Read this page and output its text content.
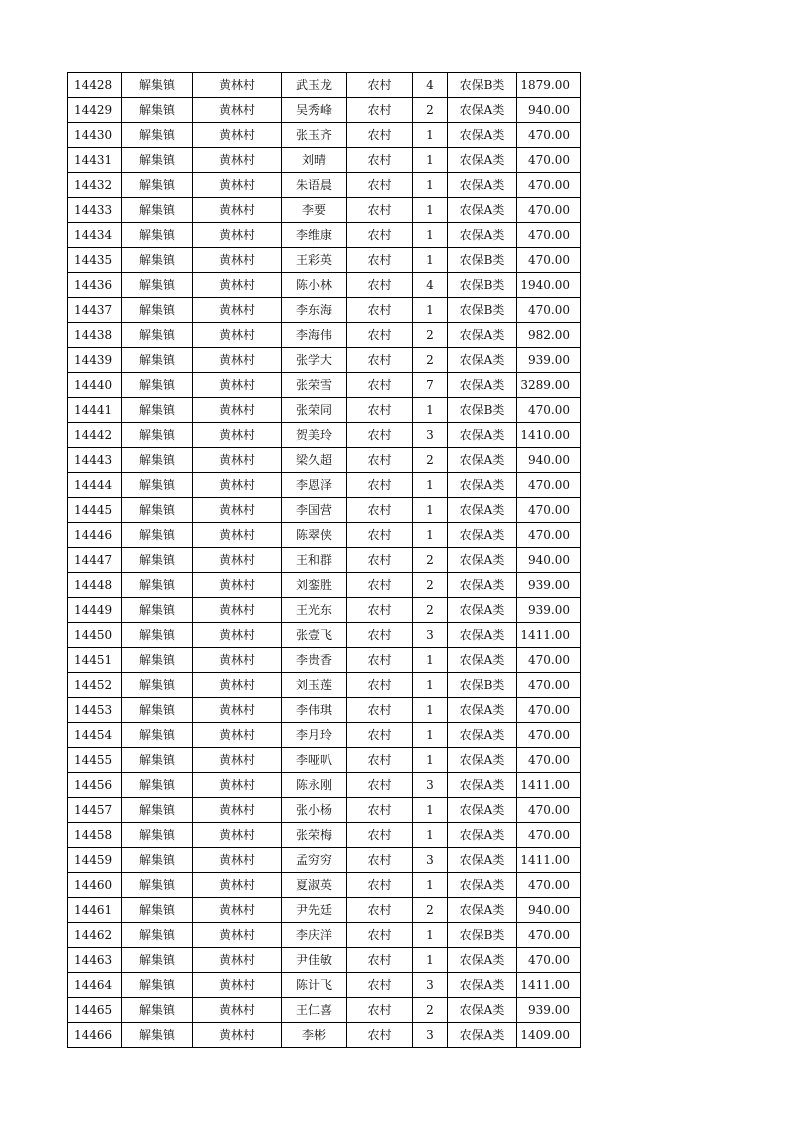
14428	解集镇	黄林村	武玉龙	农村	4	农保B类	1879.00
14429	解集镇	黄林村	吴秀峰	农村	2	农保A类	940.00
14430	解集镇	黄林村	张玉齐	农村	1	农保A类	470.00
14431	解集镇	黄林村	刘晴	农村	1	农保A类	470.00
14432	解集镇	黄林村	朱语晨	农村	1	农保A类	470.00
14433	解集镇	黄林村	李要	农村	1	农保A类	470.00
14434	解集镇	黄林村	李维康	农村	1	农保A类	470.00
14435	解集镇	黄林村	王彩英	农村	1	农保B类	470.00
14436	解集镇	黄林村	陈小林	农村	4	农保B类	1940.00
14437	解集镇	黄林村	李东海	农村	1	农保B类	470.00
14438	解集镇	黄林村	李海伟	农村	2	农保A类	982.00
14439	解集镇	黄林村	张学大	农村	2	农保A类	939.00
14440	解集镇	黄林村	张荣雪	农村	7	农保A类	3289.00
14441	解集镇	黄林村	张荣同	农村	1	农保B类	470.00
14442	解集镇	黄林村	贺美玲	农村	3	农保A类	1410.00
14443	解集镇	黄林村	梁久超	农村	2	农保A类	940.00
14444	解集镇	黄林村	李恩泽	农村	1	农保A类	470.00
14445	解集镇	黄林村	李国营	农村	1	农保A类	470.00
14446	解集镇	黄林村	陈翠侠	农村	1	农保A类	470.00
14447	解集镇	黄林村	王和群	农村	2	农保A类	940.00
14448	解集镇	黄林村	刘銮胜	农村	2	农保A类	939.00
14449	解集镇	黄林村	王光东	农村	2	农保A类	939.00
14450	解集镇	黄林村	张壹飞	农村	3	农保A类	1411.00
14451	解集镇	黄林村	李贵香	农村	1	农保A类	470.00
14452	解集镇	黄林村	刘玉莲	农村	1	农保B类	470.00
14453	解集镇	黄林村	李伟琪	农村	1	农保A类	470.00
14454	解集镇	黄林村	李月玲	农村	1	农保A类	470.00
14455	解集镇	黄林村	李哑叭	农村	1	农保A类	470.00
14456	解集镇	黄林村	陈永刚	农村	3	农保A类	1411.00
14457	解集镇	黄林村	张小杨	农村	1	农保A类	470.00
14458	解集镇	黄林村	张荣梅	农村	1	农保A类	470.00
14459	解集镇	黄林村	孟穷穷	农村	3	农保A类	1411.00
14460	解集镇	黄林村	夏淑英	农村	1	农保A类	470.00
14461	解集镇	黄林村	尹先廷	农村	2	农保A类	940.00
14462	解集镇	黄林村	李庆洋	农村	1	农保B类	470.00
14463	解集镇	黄林村	尹佳敏	农村	1	农保A类	470.00
14464	解集镇	黄林村	陈计飞	农村	3	农保A类	1411.00
14465	解集镇	黄林村	王仁喜	农村	2	农保A类	939.00
14466	解集镇	黄林村	李彬	农村	3	农保A类	1409.00
